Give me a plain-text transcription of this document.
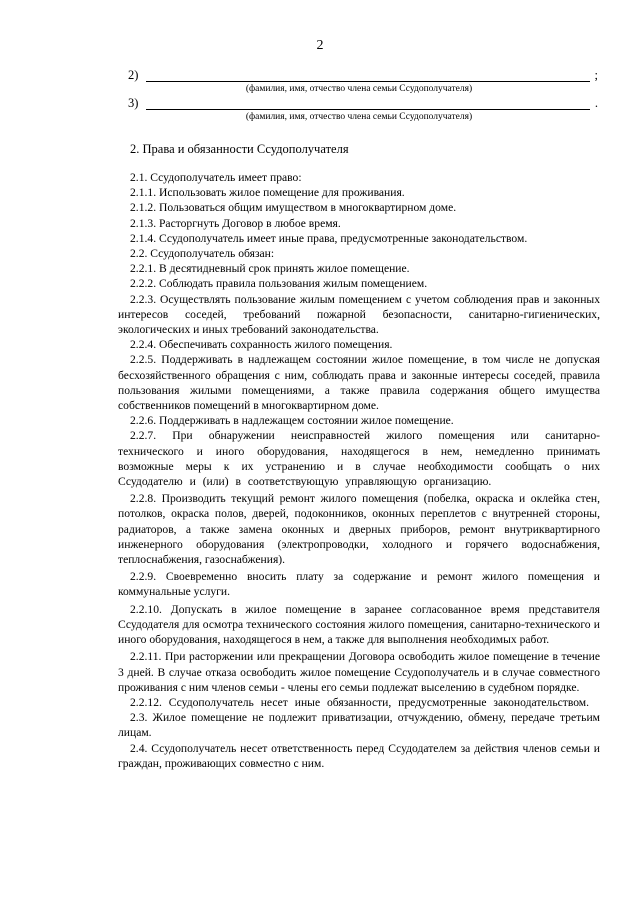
2
2)	;
(фамилия, имя, отчество члена семьи Ссудополучателя)
3)	.
(фамилия, имя, отчество члена семьи Ссудополучателя)
2. Права и обязанности Ссудополучателя

2.1. Ссудополучатель имеет право:

2.1.1. Использовать жилое помещение для проживания.

2.1.2. Пользоваться общим имуществом в многоквартирном доме.

2.1.3. Расторгнуть Договор в любое время.

2.1.4. Ссудополучатель имеет иные права, предусмотренные законодательством.

2.2. Ссудополучатель обязан:

2.2.1. В десятидневный срок принять жилое помещение.

2.2.2. Соблюдать правила пользования жилым помещением.

2.2.3. Осуществлять пользование жилым помещением с учетом соблюдения прав и законных интересов соседей, требований пожарной безопасности, санитарно-гигиенических, экологических и иных требований законодательства.

2.2.4. Обеспечивать сохранность жилого помещения.

2.2.5. Поддерживать в надлежащем состоянии жилое помещение, в том числе не допуская бесхозяйственного обращения с ним, соблюдать права и законные интересы соседей, правила пользования жилыми помещениями, а также правила содержания общего имущества собственников помещений в многоквартирном доме.

2.2.6. Поддерживать в надлежащем состоянии жилое помещение.

2.2.7. При обнаружении неисправностей жилого помещения или санитарно-технического и иного оборудования, находящегося в нем, немедленно принимать возможные меры к их устранению и в случае необходимости сообщать о них Ссудодателю и (или) в соответствующую управляющую организацию.

2.2.8. Производить текущий ремонт жилого помещения (побелка, окраска и оклейка стен, потолков, окраска полов, дверей, подоконников, оконных переплетов с внутренней стороны, радиаторов, а также замена оконных и дверных приборов, ремонт внутриквартирного инженерного оборудования (электропроводки, холодного и горячего водоснабжения, теплоснабжения, газоснабжения).

2.2.9. Своевременно вносить плату за содержание и ремонт жилого помещения и коммунальные услуги.

2.2.10. Допускать в жилое помещение в заранее согласованное время представителя Ссудодателя для осмотра технического состояния жилого помещения, санитарно-технического и иного оборудования, находящегося в нем, а также для выполнения необходимых работ.

2.2.11. При расторжении или прекращении Договора освободить жилое помещение в течение 3 дней. В случае отказа освободить жилое помещение Ссудополучатель и в случае совместного проживания с ним членов семьи - члены его семьи подлежат выселению в судебном порядке.

2.2.12. Ссудополучатель несет иные обязанности, предусмотренные законодательством.

2.3. Жилое помещение не подлежит приватизации, отчуждению, обмену, передаче третьим лицам.

2.4. Ссудополучатель несет ответственность перед Ссудодателем за действия членов семьи и граждан, проживающих совместно с ним.
